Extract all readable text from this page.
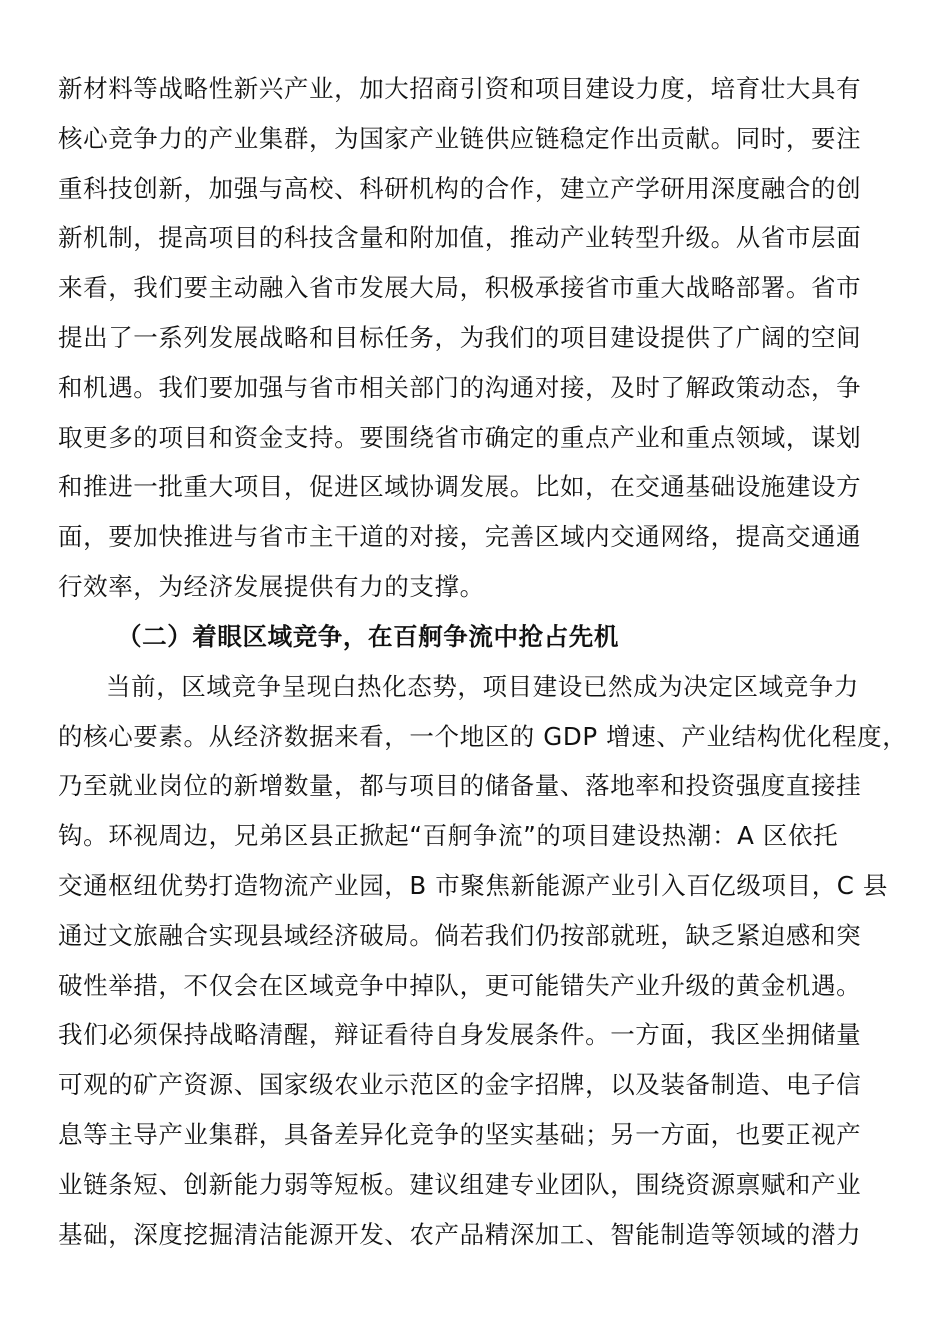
新材料等战略性新兴产业，加大招商引资和项目建设力度，培育壮大具有
核心竞争力的产业集群，为国家产业链供应链稳定作出贡献。同时，要注
重科技创新，加强与高校、科研机构的合作，建立产学研用深度融合的创
新机制，提高项目的科技含量和附加值，推动产业转型升级。从省市层面
来看，我们要主动融入省市发展大局，积极承接省市重大战略部署。省市
提出了一系列发展战略和目标任务，为我们的项目建设提供了广阔的空间
和机遇。我们要加强与省市相关部门的沟通对接，及时了解政策动态，争
取更多的项目和资金支持。要围绕省市确定的重点产业和重点领域，谋划
和推进一批重大项目，促进区域协调发展。比如，在交通基础设施建设方
面，要加快推进与省市主干道的对接，完善区域内交通网络，提高交通通
行效率，为经济发展提供有力的支撑。
（二）着眼区域竞争，在百舸争流中抢占先机
当前，区域竞争呈现白热化态势，项目建设已然成为决定区域竞争力
的核心要素。从经济数据来看，一个地区的 GDP 增速、产业结构优化程度，
乃至就业岗位的新增数量，都与项目的储备量、落地率和投资强度直接挂
钩。环视周边，兄弟区县正掀起“百舸争流”的项目建设热潮：A 区依托
交通枢纽优势打造物流产业园，B 市聚焦新能源产业引入百亿级项目，C 县
通过文旅融合实现县域经济破局。倘若我们仍按部就班，缺乏紧迫感和突
破性举措，不仅会在区域竞争中掉队，更可能错失产业升级的黄金机遇。
我们必须保持战略清醒，辩证看待自身发展条件。一方面，我区坐拥储量
可观的矿产资源、国家级农业示范区的金字招牌，以及装备制造、电子信
息等主导产业集群，具备差异化竞争的坚实基础；另一方面，也要正视产
业链条短、创新能力弱等短板。建议组建专业团队，围绕资源禀赋和产业
基础，深度挖掘清洁能源开发、农产品精深加工、智能制造等领域的潜力
